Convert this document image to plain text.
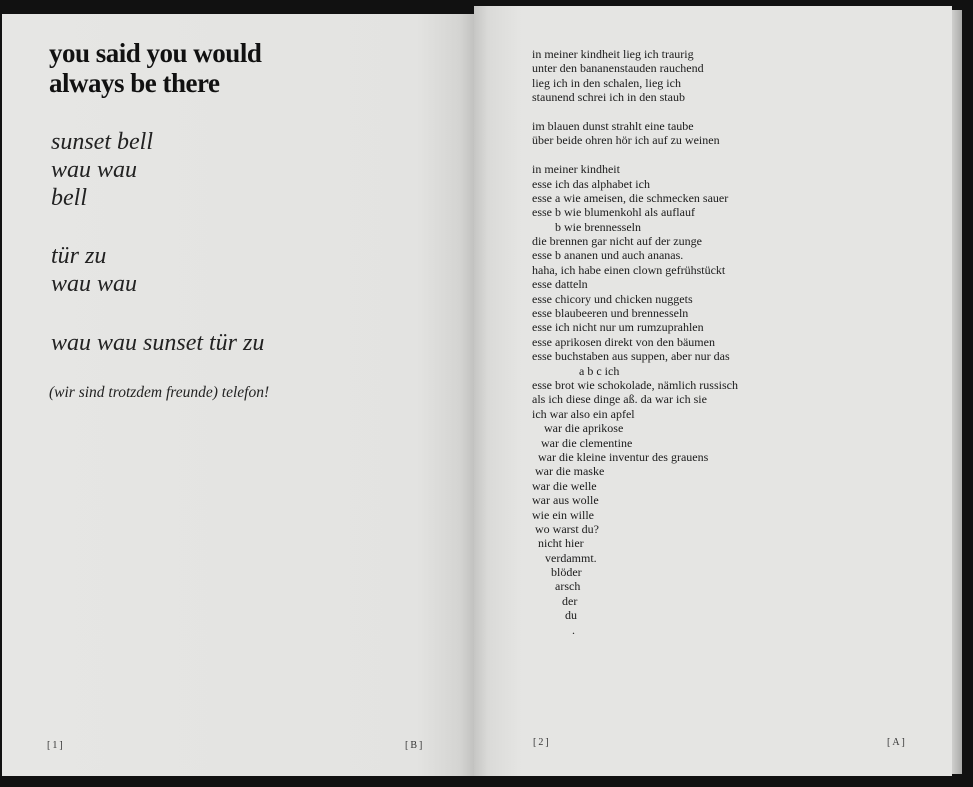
you said you would
always be there
sunset bell
wau wau
bell
tür zu
wau wau
wau wau sunset tür zu
(wir sind trotzdem freunde) telefon!
[1]	[B]
in meiner kindheit lieg ich traurig
unter den bananenstauden rauchend
lieg ich in den schalen, lieg ich
staunend schrei ich in den staub
im blauen dunst strahlt eine taube
über beide ohren hör ich auf zu weinen
in meiner kindheit
esse ich das alphabet ich
esse a wie ameisen, die schmecken sauer
esse b wie blumenkohl als auflauf
b wie brennesseln
die brennen gar nicht auf der zunge
esse b ananen und auch ananas.
haha, ich habe einen clown gefrühstückt
esse datteln
esse chicory und chicken nuggets
esse blaubeeren und brennesseln
esse ich nicht nur um rumzuprahlen
esse aprikosen direkt von den bäumen
esse buchstaben aus suppen, aber nur das
a b c ich
esse brot wie schokolade, nämlich russisch
als ich diese dinge aß. da war ich sie
ich war also ein apfel
war die aprikose
war die clementine
war die kleine inventur des grauens
war die maske
war die welle
war aus wolle
wie ein wille
wo warst du?
nicht hier
verdammt.
blöder
arsch
der
du
.
[2]	[A]
